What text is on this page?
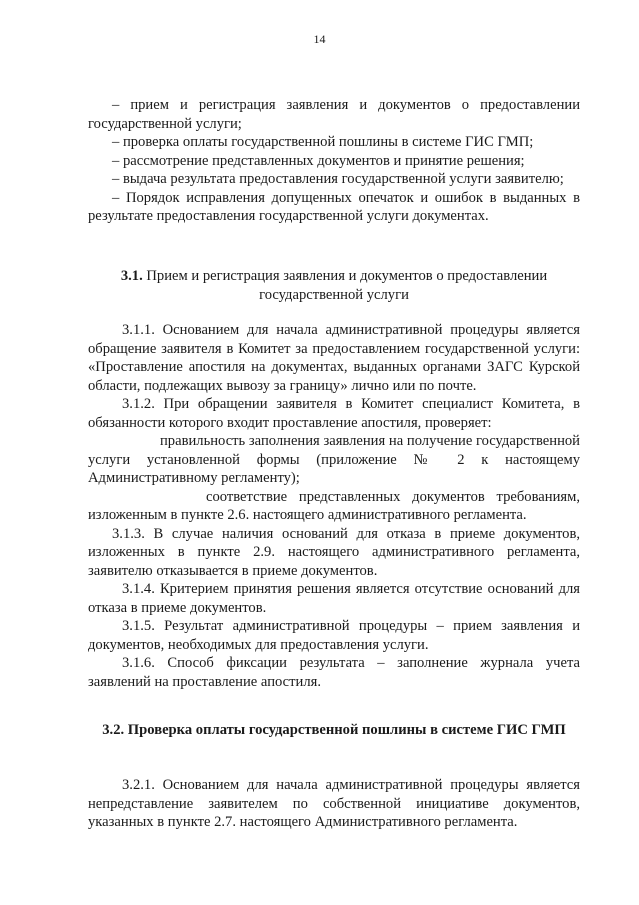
14

– прием и регистрация заявления и документов о предоставлении государственной услуги;

– проверка оплаты государственной пошлины в системе ГИС ГМП;

– рассмотрение представленных документов и принятие решения;

– выдача результата предоставления государственной услуги заявителю;

– Порядок исправления допущенных опечаток и ошибок в выданных в результате предоставления государственной услуги документах.

3.1. Прием и регистрация заявления и документов о предоставлении государственной услуги

3.1.1. Основанием для начала административной процедуры является обращение заявителя в Комитет за предоставлением государственной услуги: «Проставление апостиля на документах, выданных органами ЗАГС Курской области, подлежащих вывозу за границу» лично или по почте.

3.1.2. При обращении заявителя в Комитет специалист Комитета, в обязанности которого входит проставление апостиля, проверяет:

правильность заполнения заявления на получение государственной услуги установленной формы (приложение № 2 к настоящему Административному регламенту);

соответствие представленных документов требованиям, изложенным в пункте 2.6. настоящего административного регламента.

3.1.3. В случае наличия оснований для отказа в приеме документов, изложенных в пункте 2.9. настоящего административного регламента, заявителю отказывается в приеме документов.

3.1.4. Критерием принятия решения является отсутствие оснований для отказа в приеме документов.

3.1.5. Результат административной процедуры – прием заявления и документов, необходимых для предоставления услуги.

3.1.6. Способ фиксации результата – заполнение журнала учета заявлений на проставление апостиля.

3.2. Проверка оплаты государственной пошлины в системе ГИС ГМП

3.2.1. Основанием для начала административной процедуры является непредставление заявителем по собственной инициативе документов, указанных в пункте 2.7. настоящего Административного регламента.
